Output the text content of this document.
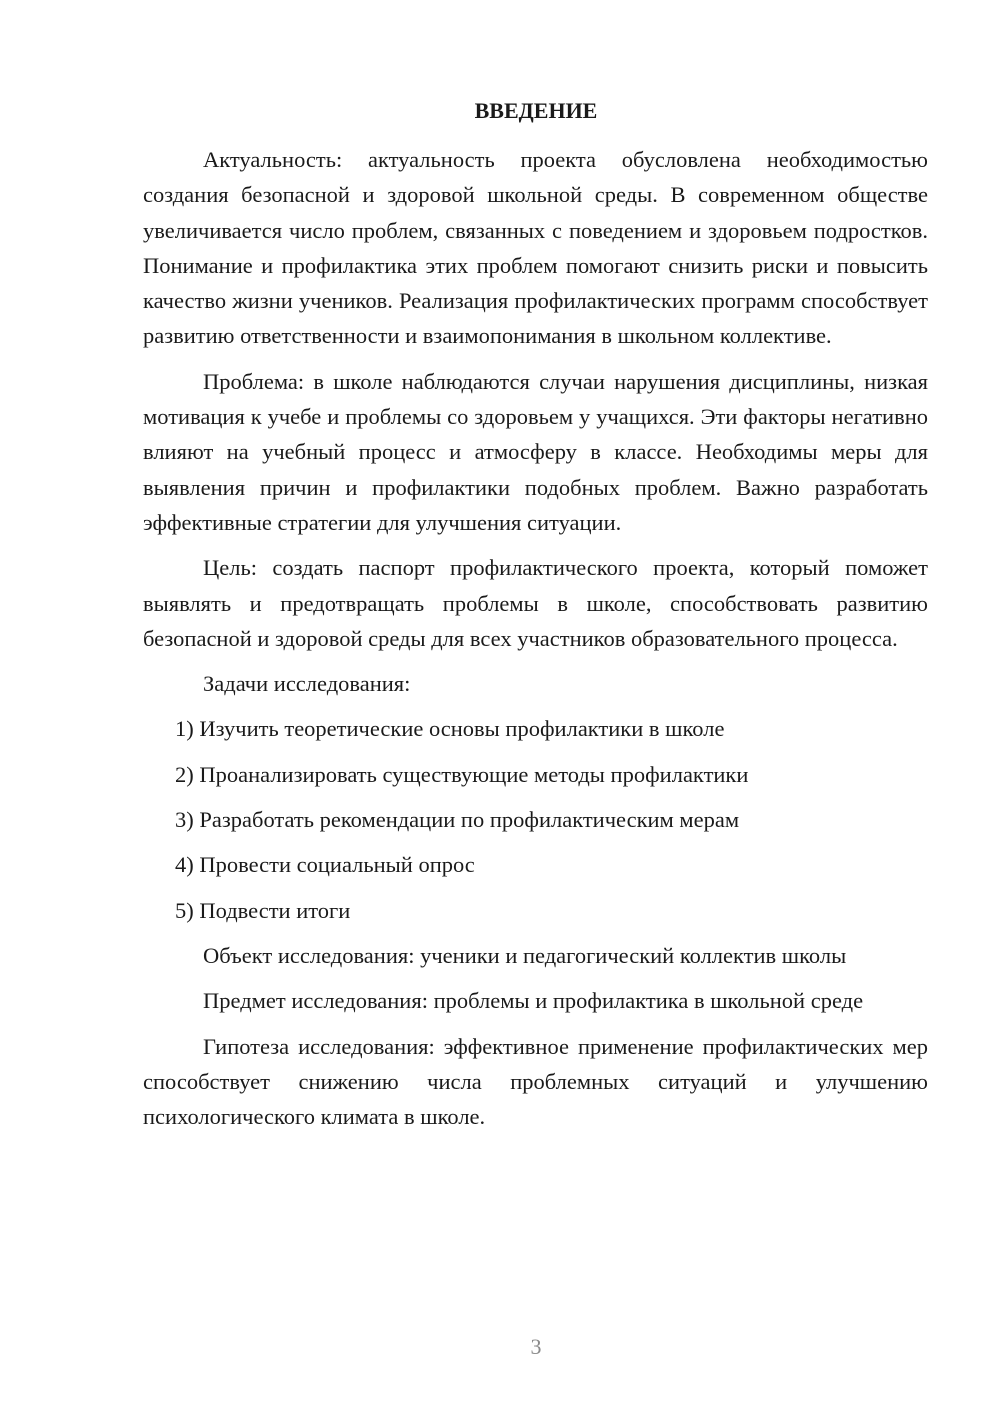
ВВЕДЕНИЕ

Актуальность: актуальность проекта обусловлена необходимостью создания безопасной и здоровой школьной среды. В современном обществе увеличивается число проблем, связанных с поведением и здоровьем подростков. Понимание и профилактика этих проблем помогают снизить риски и повысить качество жизни учеников. Реализация профилактических программ способствует развитию ответственности и взаимопонимания в школьном коллективе.

Проблема: в школе наблюдаются случаи нарушения дисциплины, низкая мотивация к учебе и проблемы со здоровьем у учащихся. Эти факторы негативно влияют на учебный процесс и атмосферу в классе. Необходимы меры для выявления причин и профилактики подобных проблем. Важно разработать эффективные стратегии для улучшения ситуации.

Цель: создать паспорт профилактического проекта, который поможет выявлять и предотвращать проблемы в школе, способствовать развитию безопасной и здоровой среды для всех участников образовательного процесса.

Задачи исследования:

1) Изучить теоретические основы профилактики в школе
2) Проанализировать существующие методы профилактики
3) Разработать рекомендации по профилактическим мерам
4) Провести социальный опрос
5) Подвести итоги

Объект исследования: ученики и педагогический коллектив школы

Предмет исследования: проблемы и профилактика в школьной среде

Гипотеза исследования: эффективное применение профилактических мер способствует снижению числа проблемных ситуаций и улучшению психологического климата в школе.

3
